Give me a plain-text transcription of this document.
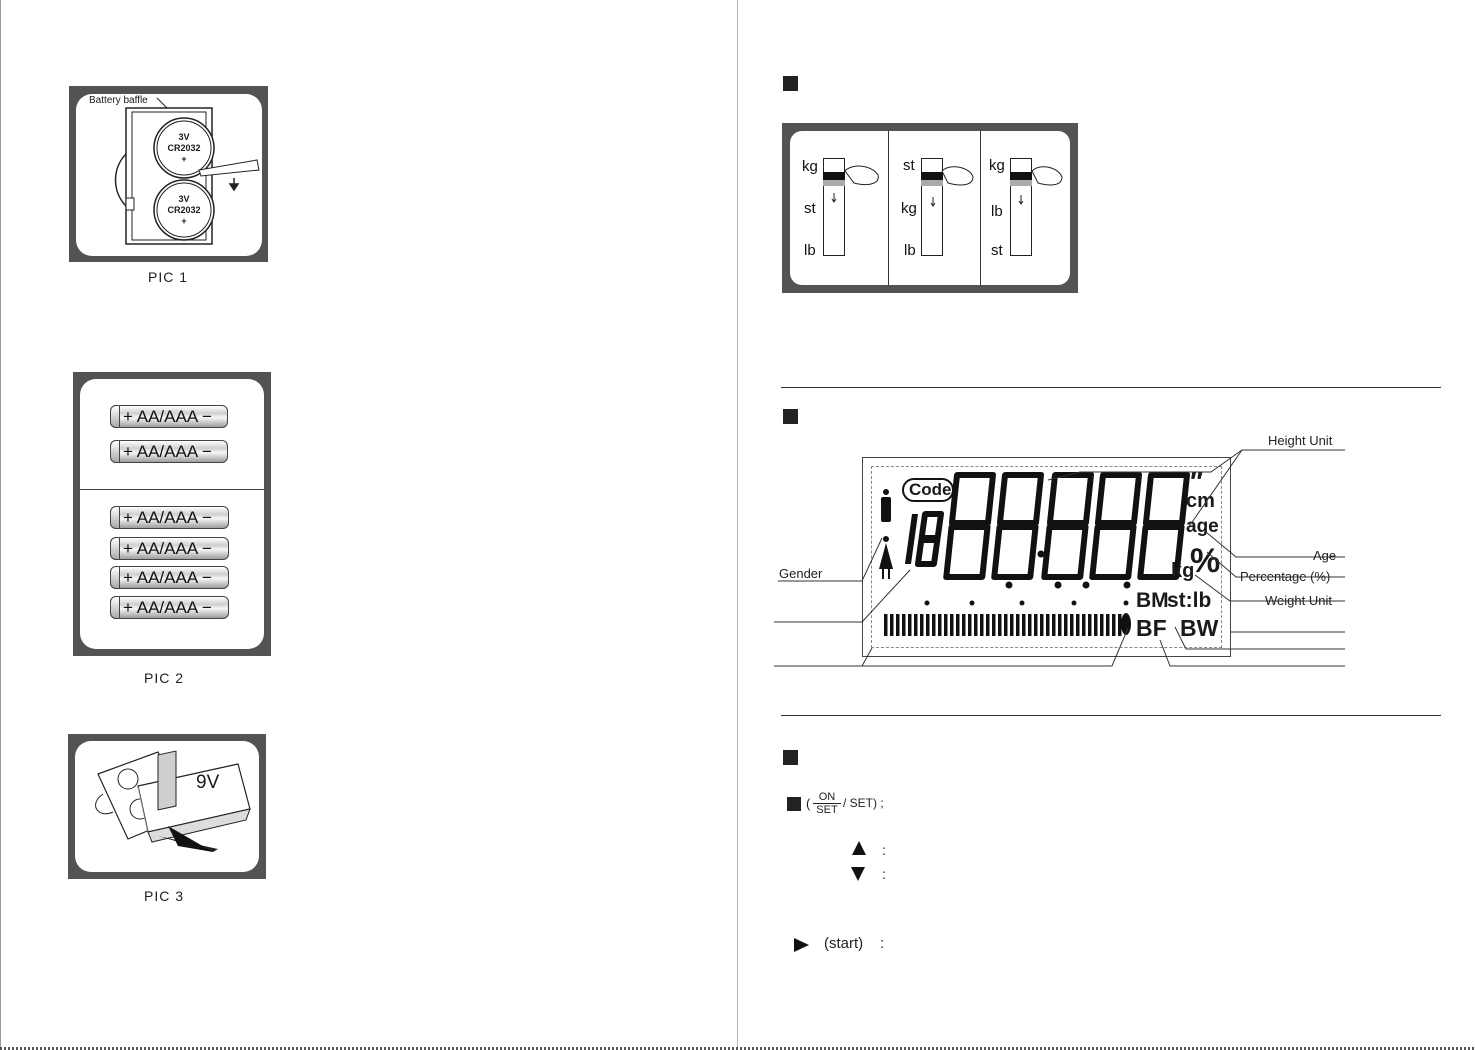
Battery baffle
3V
CR2032
+
3V
CR2032
+
PIC 1
+ AA/AAA −
+ AA/AAA −
+ AA/AAA −
+ AA/AAA −
+ AA/AAA −
+ AA/AAA −
PIC 2
9V
PIC 3
kg
st
lb
st
kg
lb
kg
lb
st
Code	"
cm
age
%
kg
BM
st:lb
BF BW
Height Unit
Age
Percentage (%)
Weight Unit
Gender
( ON
SET / SET) ;
:
:
(start) :
